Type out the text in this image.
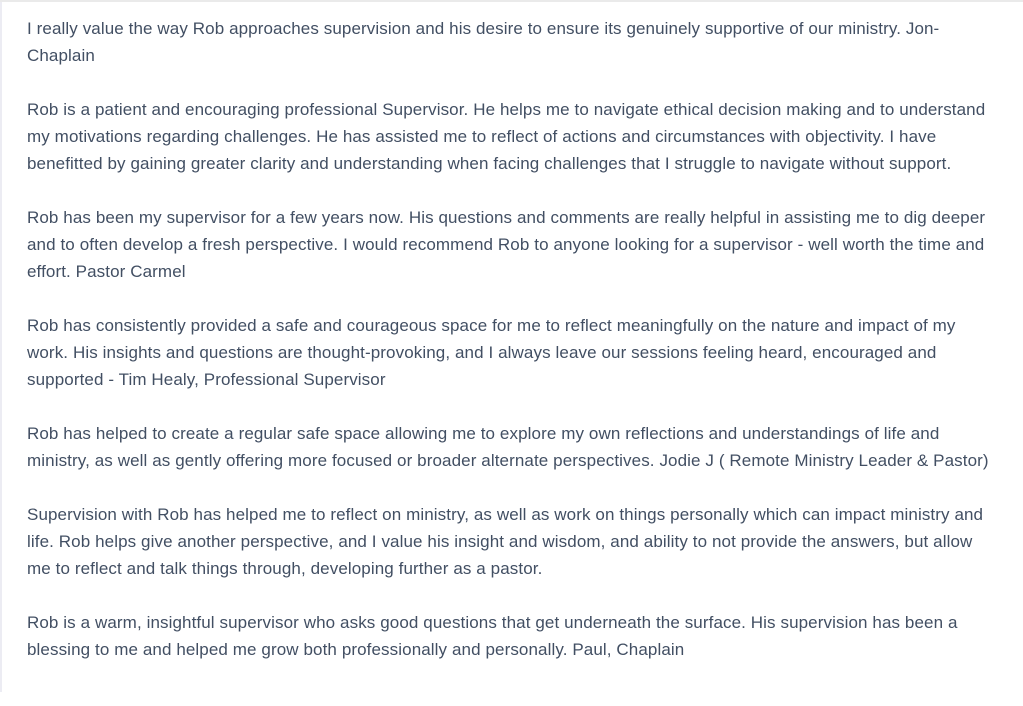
I really value the way Rob approaches supervision and his desire to ensure its genuinely supportive of our ministry. Jon- Chaplain

Rob is a patient and encouraging professional Supervisor. He helps me to navigate ethical decision making and to understand my motivations regarding challenges. He has assisted me to reflect of actions and circumstances with objectivity. I have benefitted by gaining greater clarity and understanding when facing challenges that I struggle to navigate without support.

Rob has been my supervisor for a few years now. His questions and comments are really helpful in assisting me to dig deeper and to often develop a fresh perspective. I would recommend Rob to anyone looking for a supervisor - well worth the time and effort. Pastor Carmel

Rob has consistently provided a safe and courageous space for me to reflect meaningfully on the nature and impact of my work. His insights and questions are thought-provoking, and I always leave our sessions feeling heard, encouraged and supported - Tim Healy, Professional Supervisor

Rob has helped to create a regular safe space allowing me to explore my own reflections and understandings of life and ministry, as well as gently offering more focused or broader alternate perspectives. Jodie J ( Remote Ministry Leader & Pastor)

Supervision with Rob has helped me to reflect on ministry, as well as work on things personally which can impact ministry and life. Rob helps give another perspective, and I value his insight and wisdom, and ability to not provide the answers, but allow me to reflect and talk things through, developing further as a pastor.

Rob is a warm, insightful supervisor who asks good questions that get underneath the surface. His supervision has been a blessing to me and helped me grow both professionally and personally. Paul, Chaplain
